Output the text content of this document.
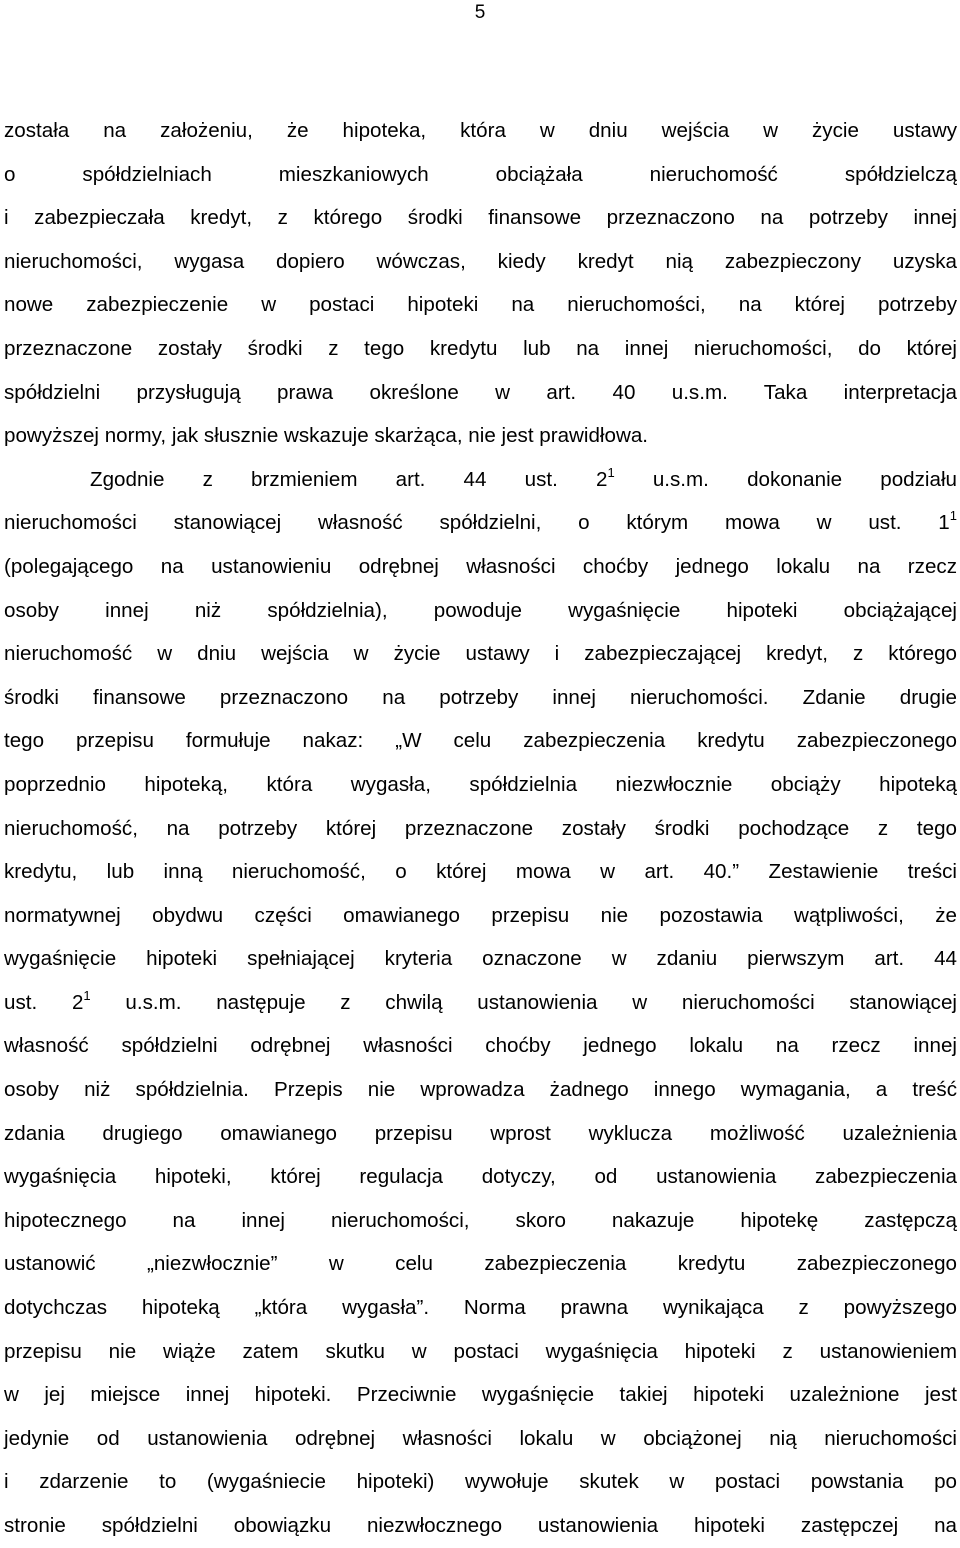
5
została na założeniu, że hipoteka, która w dniu wejścia w życie ustawy
o spółdzielniach mieszkaniowych obciążała nieruchomość spółdzielczą
i zabezpieczała kredyt, z którego środki finansowe przeznaczono na potrzeby innej
nieruchomości, wygasa dopiero wówczas, kiedy kredyt nią zabezpieczony uzyska
nowe zabezpieczenie w postaci hipoteki na nieruchomości, na której potrzeby
przeznaczone zostały środki z tego kredytu lub na innej nieruchomości, do której
spółdzielni przysługują prawa określone w art. 40 u.s.m. Taka interpretacja
powyższej normy, jak słusznie wskazuje skarżąca, nie jest prawidłowa.
Zgodnie z brzmieniem art. 44 ust. $2^1$ u.s.m. dokonanie podziału
nieruchomości stanowiącej własność spółdzielni, o którym mowa w ust. $1^1$
(polegającego na ustanowieniu odrębnej własności choćby jednego lokalu na rzecz
osoby innej niż spółdzielnia), powoduje wygaśnięcie hipoteki obciążającej
nieruchomość w dniu wejścia w życie ustawy i zabezpieczającej kredyt, z którego
środki finansowe przeznaczono na potrzeby innej nieruchomości. Zdanie drugie
tego przepisu formułuje nakaz: „W celu zabezpieczenia kredytu zabezpieczonego
poprzednio hipoteką, która wygasła, spółdzielnia niezwłocznie obciąży hipoteką
nieruchomość, na potrzeby której przeznaczone zostały środki pochodzące z tego
kredytu, lub inną nieruchomość, o której mowa w art. 40.” Zestawienie treści
normatywnej obydwu części omawianego przepisu nie pozostawia wątpliwości, że
wygaśnięcie hipoteki spełniającej kryteria oznaczone w zdaniu pierwszym art. 44
ust. $2^1$ u.s.m. następuje z chwilą ustanowienia w nieruchomości stanowiącej
własność spółdzielni odrębnej własności choćby jednego lokalu na rzecz innej
osoby niż spółdzielnia. Przepis nie wprowadza żadnego innego wymagania, a treść
zdania drugiego omawianego przepisu wprost wyklucza możliwość uzależnienia
wygaśnięcia hipoteki, której regulacja dotyczy, od ustanowienia zabezpieczenia
hipotecznego na innej nieruchomości, skoro nakazuje hipotekę zastępczą
ustanowić „niezwłocznie” w celu zabezpieczenia kredytu zabezpieczonego
dotychczas hipoteką „która wygasła”. Norma prawna wynikająca z powyższego
przepisu nie wiąże zatem skutku w postaci wygaśnięcia hipoteki z ustanowieniem
w jej miejsce innej hipoteki. Przeciwnie wygaśnięcie takiej hipoteki uzależnione jest
jedynie od ustanowienia odrębnej własności lokalu w obciążonej nią nieruchomości
i zdarzenie to (wygaśniecie hipoteki) wywołuje skutek w postaci powstania po
stronie spółdzielni obowiązku niezwłocznego ustanowienia hipoteki zastępczej na
